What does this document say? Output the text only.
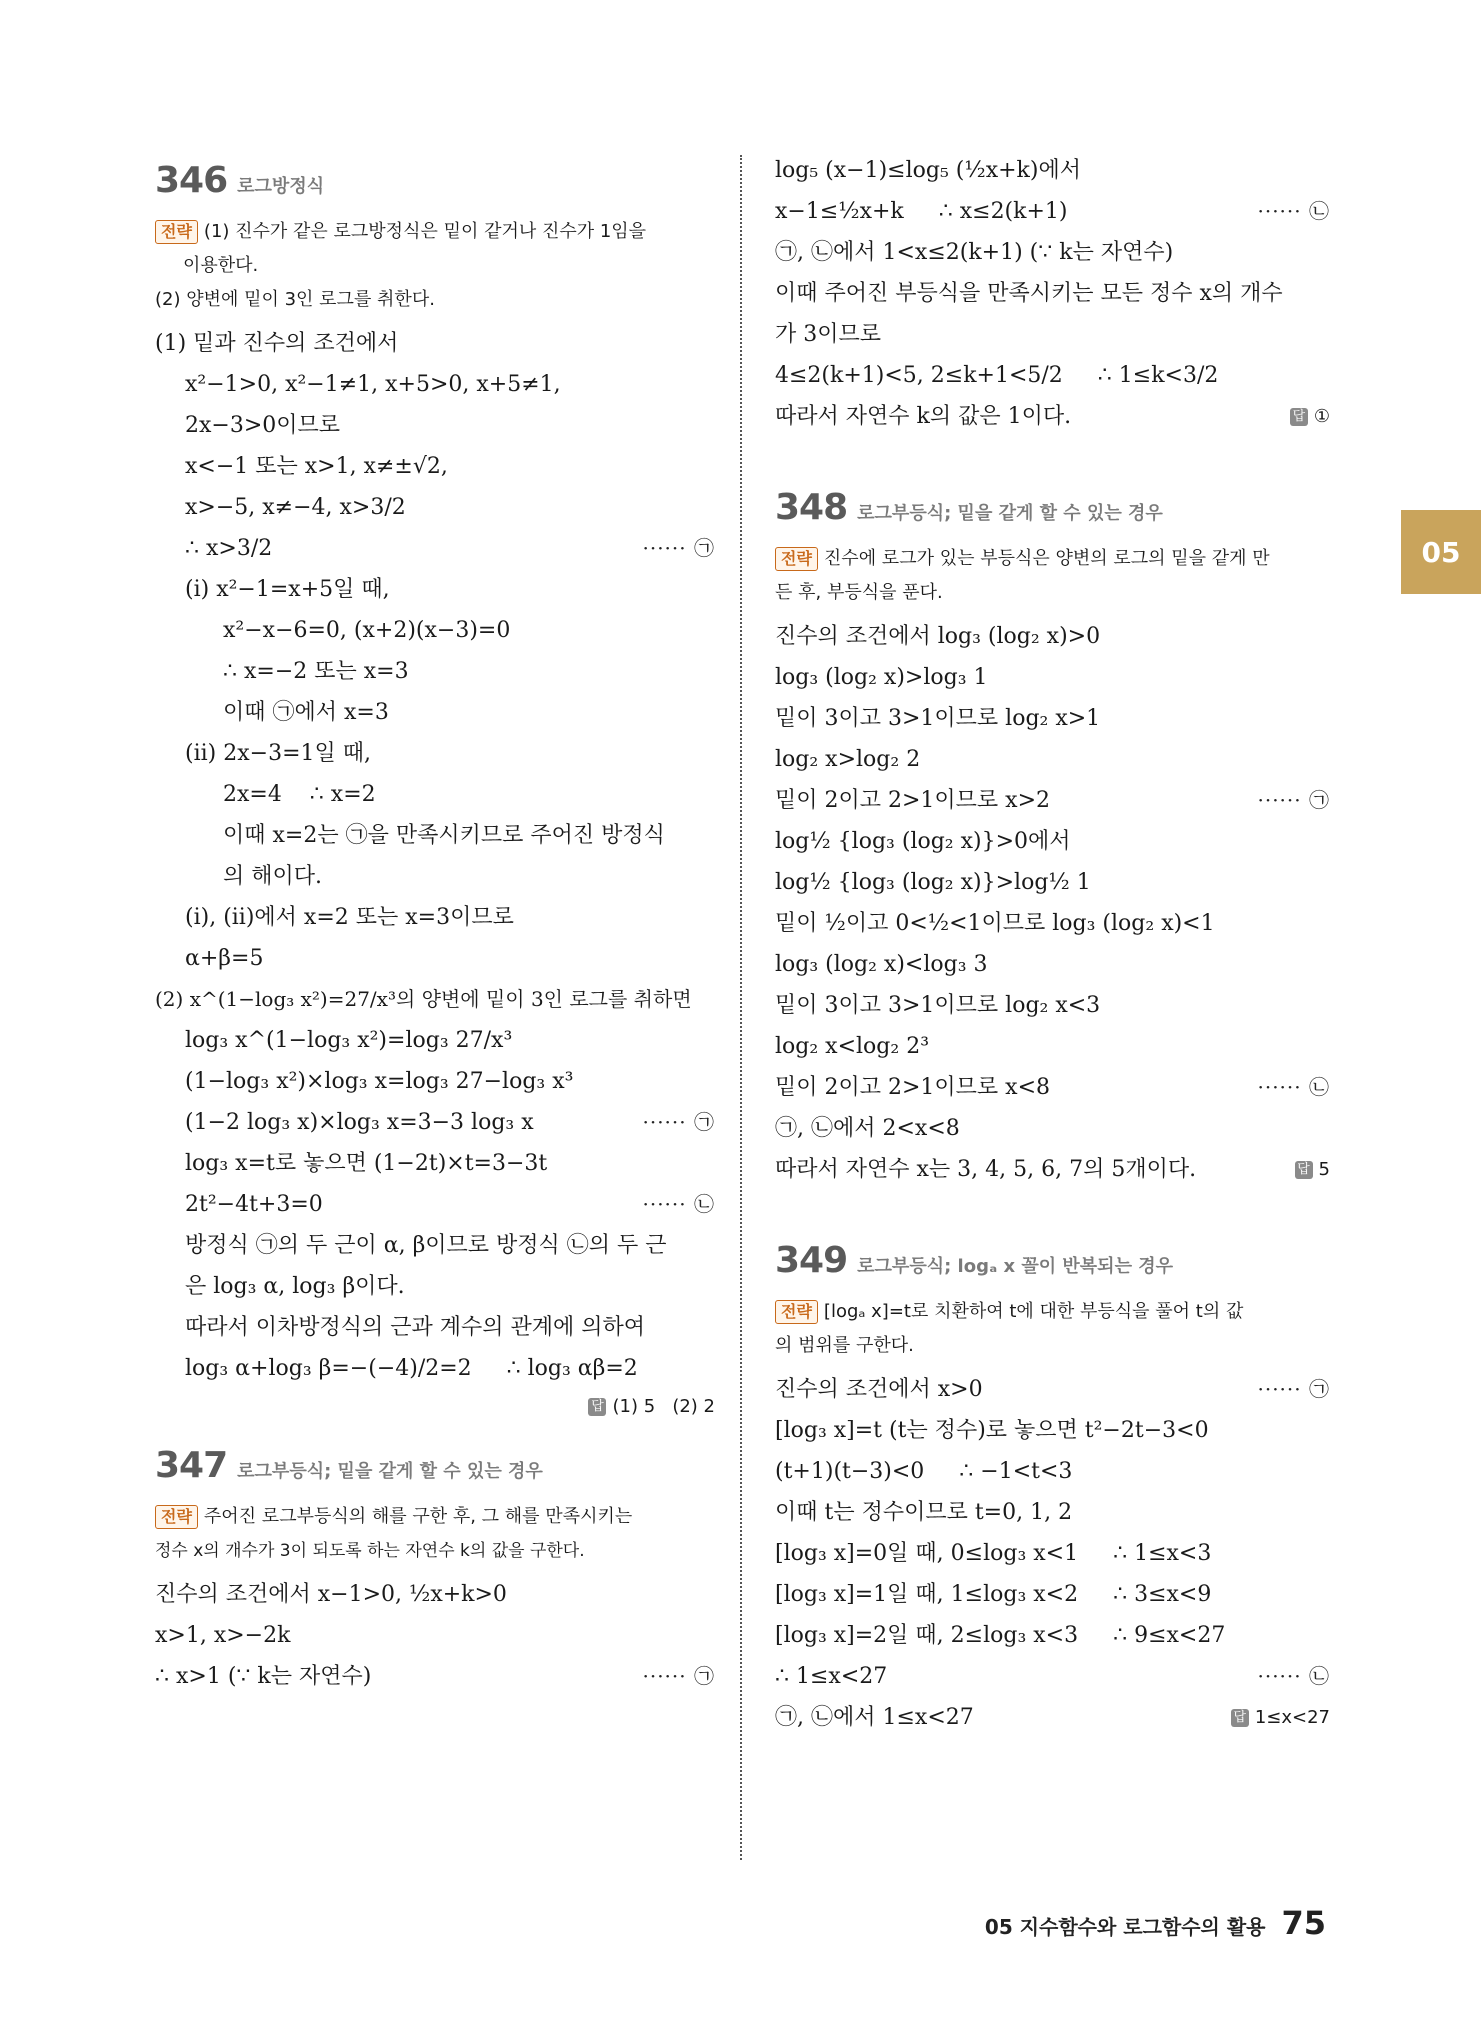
346 로그방정식
전략 (1) 진수가 같은 로그방정식은 밑이 같거나 진수가 1임을
이용한다.
(2) 양변에 밑이 3인 로그를 취한다.
(1) 밑과 진수의 조건에서
x²−1>0, x²−1≠1, x+5>0, x+5≠1,
2x−3>0이므로
x<−1 또는 x>1, x≠±√2,
x>−5, x≠−4, x>3/2
∴ x>3/2	······ ㉠
(i) x²−1=x+5일 때,
x²−x−6=0, (x+2)(x−3)=0
∴ x=−2 또는 x=3
이때 ㉠에서 x=3
(ii) 2x−3=1일 때,
2x=4    ∴ x=2
이때 x=2는 ㉠을 만족시키므로 주어진 방정식
의 해이다.
(i), (ii)에서 x=2 또는 x=3이므로
α+β=5
(2) x^(1−log₃ x²)=27/x³의 양변에 밑이 3인 로그를 취하면
log₃ x^(1−log₃ x²)=log₃ 27/x³
(1−log₃ x²)×log₃ x=log₃ 27−log₃ x³
(1−2 log₃ x)×log₃ x=3−3 log₃ x	······ ㉠
log₃ x=t로 놓으면 (1−2t)×t=3−3t
2t²−4t+3=0	······ ㉡
방정식 ㉠의 두 근이 α, β이므로 방정식 ㉡의 두 근
은 log₃ α, log₃ β이다.
따라서 이차방정식의 근과 계수의 관계에 의하여
log₃ α+log₃ β=−(−4)/2=2     ∴ log₃ αβ=2
답 (1) 5   (2) 2
347 로그부등식; 밑을 같게 할 수 있는 경우
전략 주어진 로그부등식의 해를 구한 후, 그 해를 만족시키는
정수 x의 개수가 3이 되도록 하는 자연수 k의 값을 구한다.
진수의 조건에서 x−1>0, ½x+k>0
x>1, x>−2k
∴ x>1 (∵ k는 자연수)	······ ㉠
log₅ (x−1)≤log₅ (½x+k)에서
x−1≤½x+k     ∴ x≤2(k+1)	······ ㉡
㉠, ㉡에서 1<x≤2(k+1) (∵ k는 자연수)
이때 주어진 부등식을 만족시키는 모든 정수 x의 개수
가 3이므로
4≤2(k+1)<5, 2≤k+1<5/2     ∴ 1≤k<3/2
따라서 자연수 k의 값은 1이다.	답 ①
348 로그부등식; 밑을 같게 할 수 있는 경우
전략 진수에 로그가 있는 부등식은 양변의 로그의 밑을 같게 만
든 후, 부등식을 푼다.
진수의 조건에서 log₃ (log₂ x)>0
log₃ (log₂ x)>log₃ 1
밑이 3이고 3>1이므로 log₂ x>1
log₂ x>log₂ 2
밑이 2이고 2>1이므로 x>2	······ ㉠
log½ {log₃ (log₂ x)}>0에서
log½ {log₃ (log₂ x)}>log½ 1
밑이 ½이고 0<½<1이므로 log₃ (log₂ x)<1
log₃ (log₂ x)<log₃ 3
밑이 3이고 3>1이므로 log₂ x<3
log₂ x<log₂ 2³
밑이 2이고 2>1이므로 x<8	······ ㉡
㉠, ㉡에서 2<x<8
따라서 자연수 x는 3, 4, 5, 6, 7의 5개이다.	답 5
349 로그부등식; logₐ x 꼴이 반복되는 경우
전략 [logₐ x]=t로 치환하여 t에 대한 부등식을 풀어 t의 값
의 범위를 구한다.
진수의 조건에서 x>0	······ ㉠
[log₃ x]=t (t는 정수)로 놓으면 t²−2t−3<0
(t+1)(t−3)<0     ∴ −1<t<3
이때 t는 정수이므로 t=0, 1, 2
[log₃ x]=0일 때, 0≤log₃ x<1     ∴ 1≤x<3
[log₃ x]=1일 때, 1≤log₃ x<2     ∴ 3≤x<9
[log₃ x]=2일 때, 2≤log₃ x<3     ∴ 9≤x<27
∴ 1≤x<27	······ ㉡
㉠, ㉡에서 1≤x<27	답 1≤x<27
05
05 지수함수와 로그함수의 활용 75
